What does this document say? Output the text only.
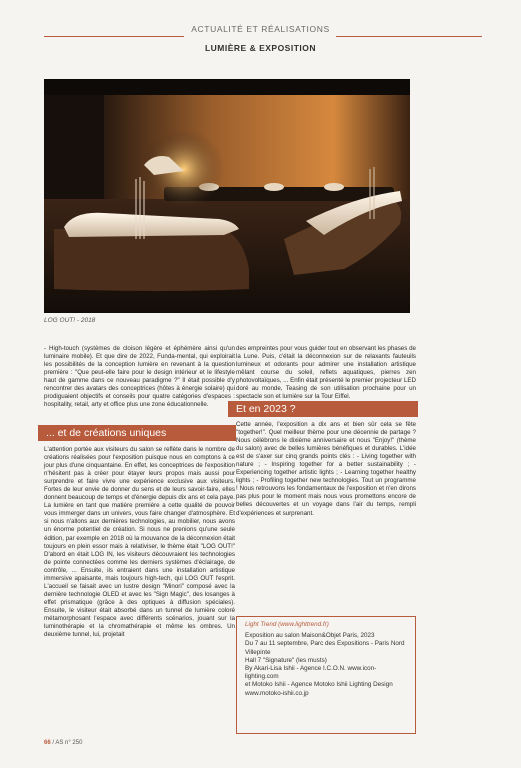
ACTUALITÉ ET RÉALISATIONS
LUMIÈRE & EXPOSITION
LOG OUT! - 2018

- High-touch (systèmes de cloison légère et éphémère ainsi qu'un luminaire mobile). Et que dire de 2022, Funda-mental, qui exploirait les possibilités de la conception lumière en revenant à la question première : "Que peut-elle faire pour le design intérieur et le lifestyle haut de gamme dans ce nouveau paradigme ?" Il était possible d'y rencontrer des avatars des conceptrices (hôtes à énergie solaire) qui prodiguaient objectifs et conseils pour quatre catégories d'espaces : hospitality, retail, arty et office plus une zone éducationnelle.

... et de créations uniques

L'attention portée aux visiteurs du salon se reflète dans le nombre de créations réalisées pour l'exposition puisque nous en comptons à ce jour plus d'une cinquantaine. En effet, les conceptrices de l'exposition n'hésitent pas à créer pour étayer leurs propos mais aussi pour surprendre et faire vivre une expérience exclusive aux visiteurs. Fortes de leur envie de donner du sens et de leurs savoir-faire, elles donnent beaucoup de temps et d'énergie depuis dix ans et cela paye. La lumière en tant que matière première a cette qualité de pouvoir vous immerger dans un univers, vous faire changer d'atmosphère. Et si nous n'allons aux dernières technologies, au mobilier, nous avons un énorme potentiel de création. Si nous ne prenions qu'une seule édition, par exemple en 2018 où la mouvance de la déconnexion était toujours en plein essor mais à relativiser, le thème était "LOG OUT!" D'abord en était LOG IN, les visiteurs découvraient les technologies de pointe connectées comme les derniers systèmes d'éclairage, de contrôle, ... Ensuite, ils entraient dans une installation artistique immersive apaisante, mais toujours high-tech, qui LOG OUT l'esprit. L'accueil se faisait avec un lustre design "Minori" composé avec la dernière technologie OLED et avec les "Sign Magic", des losanges à effet prismatique (grâce à des optiques à diffusion spéciales). Ensuite, le visiteur était absorbé dans un tunnel de lumière coloré métamorphosant l'espace avec différents scénarios, jouant sur la luminothérapie et la chromathérapie et même les ombres. Un deuxième tunnel, lui, projetait

des empreintes pour vous guider tout en observant les phases de la Lune. Puis, c'était la déconnexion sur de relaxants fauteuils lumineux et odorants pour admirer une installation artistique mêlant course du soleil, reflets aquatiques, pierres zen photovoltaïques, ... Enfin était présenté le premier projecteur LED doré au monde, Teasing de son utilisation prochaine pour un spectacle son et lumière sur la Tour Eiffel.

Et en 2023 ?

Cette année, l'exposition a dix ans et bien sûr cela se fête "together!". Quel meilleur thème pour une décennie de partage ? Nous célébrons le dixième anniversaire et nous "Enjoy!" (thème du salon) avec de belles lumières bénéfiques et durables. L'idée est de s'axer sur cinq grands points clés : - Living together with nature ; - Inspiring together for a better sustainability ; - Experiencing together artistic lights ; - Learning together healthy lights ; - Profiling together new technologies. Tout un programme ! Nous retrouvons les fondamentaux de l'exposition et n'en dirons pas plus pour le moment mais nous vous promettons encore de belles découvertes et un voyage dans l'air du temps, rempli d'expériences et surprenant.

Light Trend (www.lighttrend.fr)

Exposition au salon Maison&Objet Paris, 2023

Du 7 au 11 septembre, Parc des Expositions - Paris Nord Villepinte

Hall 7 "Signature" (les musts)

By Akari-Lisa Ishii - Agence I.C.O.N. www.icon-lighting.com

et Motoko Ishii - Agence Motoko Ishii Lighting Design www.motoko-ishii.co.jp

66 / AS n° 250
